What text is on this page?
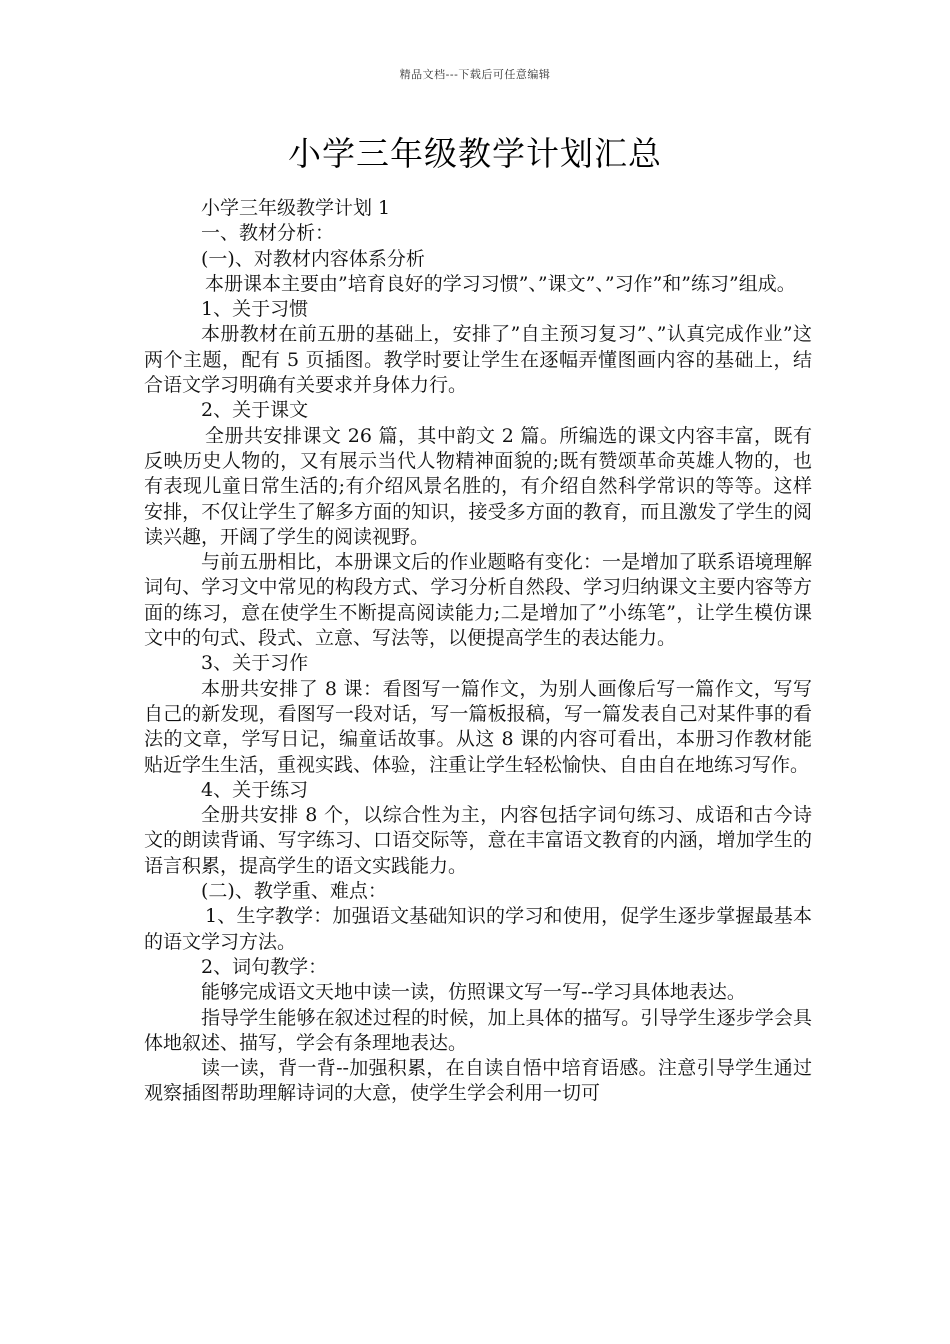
精品文档---下载后可任意编辑
小学三年级教学计划汇总

小学三年级教学计划 1

一、教材分析：

(一)、对教材内容体系分析

本册课本主要由”培育良好的学习习惯”、”课文”、”习作”和”练习”组成。

1、关于习惯

本册教材在前五册的基础上，安排了”自主预习复习”、”认真完成作业”这两个主题，配有 5 页插图。教学时要让学生在逐幅弄懂图画内容的基础上，结合语文学习明确有关要求并身体力行。

2、关于课文

全册共安排课文 26 篇，其中韵文 2 篇。所编选的课文内容丰富，既有反映历史人物的，又有展示当代人物精神面貌的;既有赞颂革命英雄人物的，也有表现儿童日常生活的;有介绍风景名胜的，有介绍自然科学常识的等等。这样安排，不仅让学生了解多方面的知识，接受多方面的教育，而且激发了学生的阅读兴趣，开阔了学生的阅读视野。

与前五册相比，本册课文后的作业题略有变化：一是增加了联系语境理解词句、学习文中常见的构段方式、学习分析自然段、学习归纳课文主要内容等方面的练习，意在使学生不断提高阅读能力;二是增加了”小练笔”，让学生模仿课文中的句式、段式、立意、写法等，以便提高学生的表达能力。

3、关于习作

本册共安排了 8 课：看图写一篇作文，为别人画像后写一篇作文，写写自己的新发现，看图写一段对话，写一篇板报稿，写一篇发表自己对某件事的看法的文章，学写日记，编童话故事。从这 8 课的内容可看出，本册习作教材能贴近学生生活，重视实践、体验，注重让学生轻松愉快、自由自在地练习写作。

4、关于练习

全册共安排 8 个，以综合性为主，内容包括字词句练习、成语和古今诗文的朗读背诵、写字练习、口语交际等，意在丰富语文教育的内涵，增加学生的语言积累，提高学生的语文实践能力。

(二)、教学重、难点：

1、生字教学：加强语文基础知识的学习和使用，促学生逐步掌握最基本的语文学习方法。

2、词句教学：

能够完成语文天地中读一读，仿照课文写一写--学习具体地表达。

指导学生能够在叙述过程的时候，加上具体的描写。引导学生逐步学会具体地叙述、描写，学会有条理地表达。

读一读，背一背--加强积累，在自读自悟中培育语感。注意引导学生通过观察插图帮助理解诗词的大意，使学生学会利用一切可
